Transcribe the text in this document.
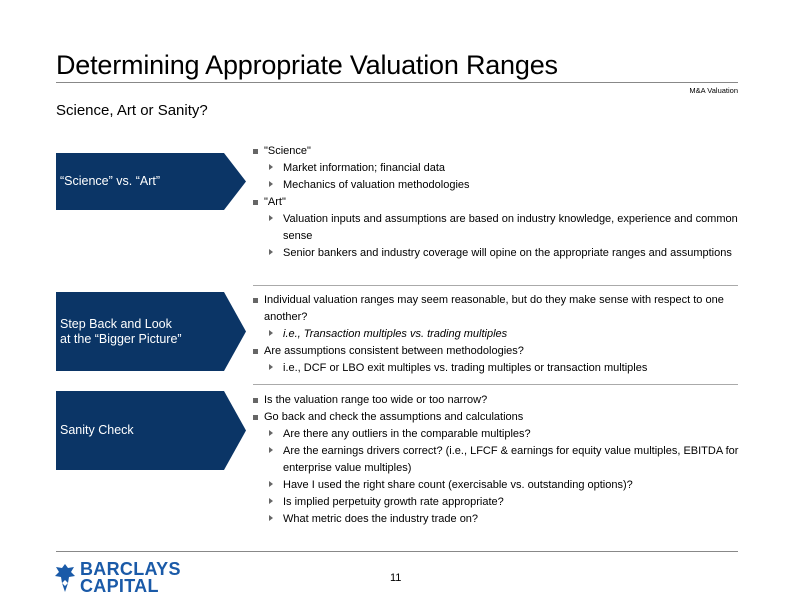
Determining Appropriate Valuation Ranges
M&A Valuation
Science, Art or Sanity?
“Science” vs. “Art”
"Science"
Market information; financial data
Mechanics of valuation methodologies
"Art"
Valuation inputs and assumptions are based on industry knowledge, experience and common sense
Senior bankers and industry coverage will opine on the appropriate ranges and assumptions
Step Back and Look
at the “Bigger Picture”
Individual valuation ranges may seem reasonable, but do they make sense with respect to one another?
i.e., Transaction multiples vs. trading multiples
Are assumptions consistent between methodologies?
i.e., DCF or LBO exit multiples vs. trading multiples or transaction multiples
Sanity Check
Is the valuation range too wide or too narrow?
Go back and check the assumptions and calculations
Are there any outliers in the comparable multiples?
Are the earnings drivers correct? (i.e., LFCF & earnings for equity value multiples, EBITDA for enterprise value multiples)
Have I used the right share count (exercisable vs. outstanding options)?
Is implied perpetuity growth rate appropriate?
What metric does the industry trade on?
BARCLAYS
CAPITAL	11
